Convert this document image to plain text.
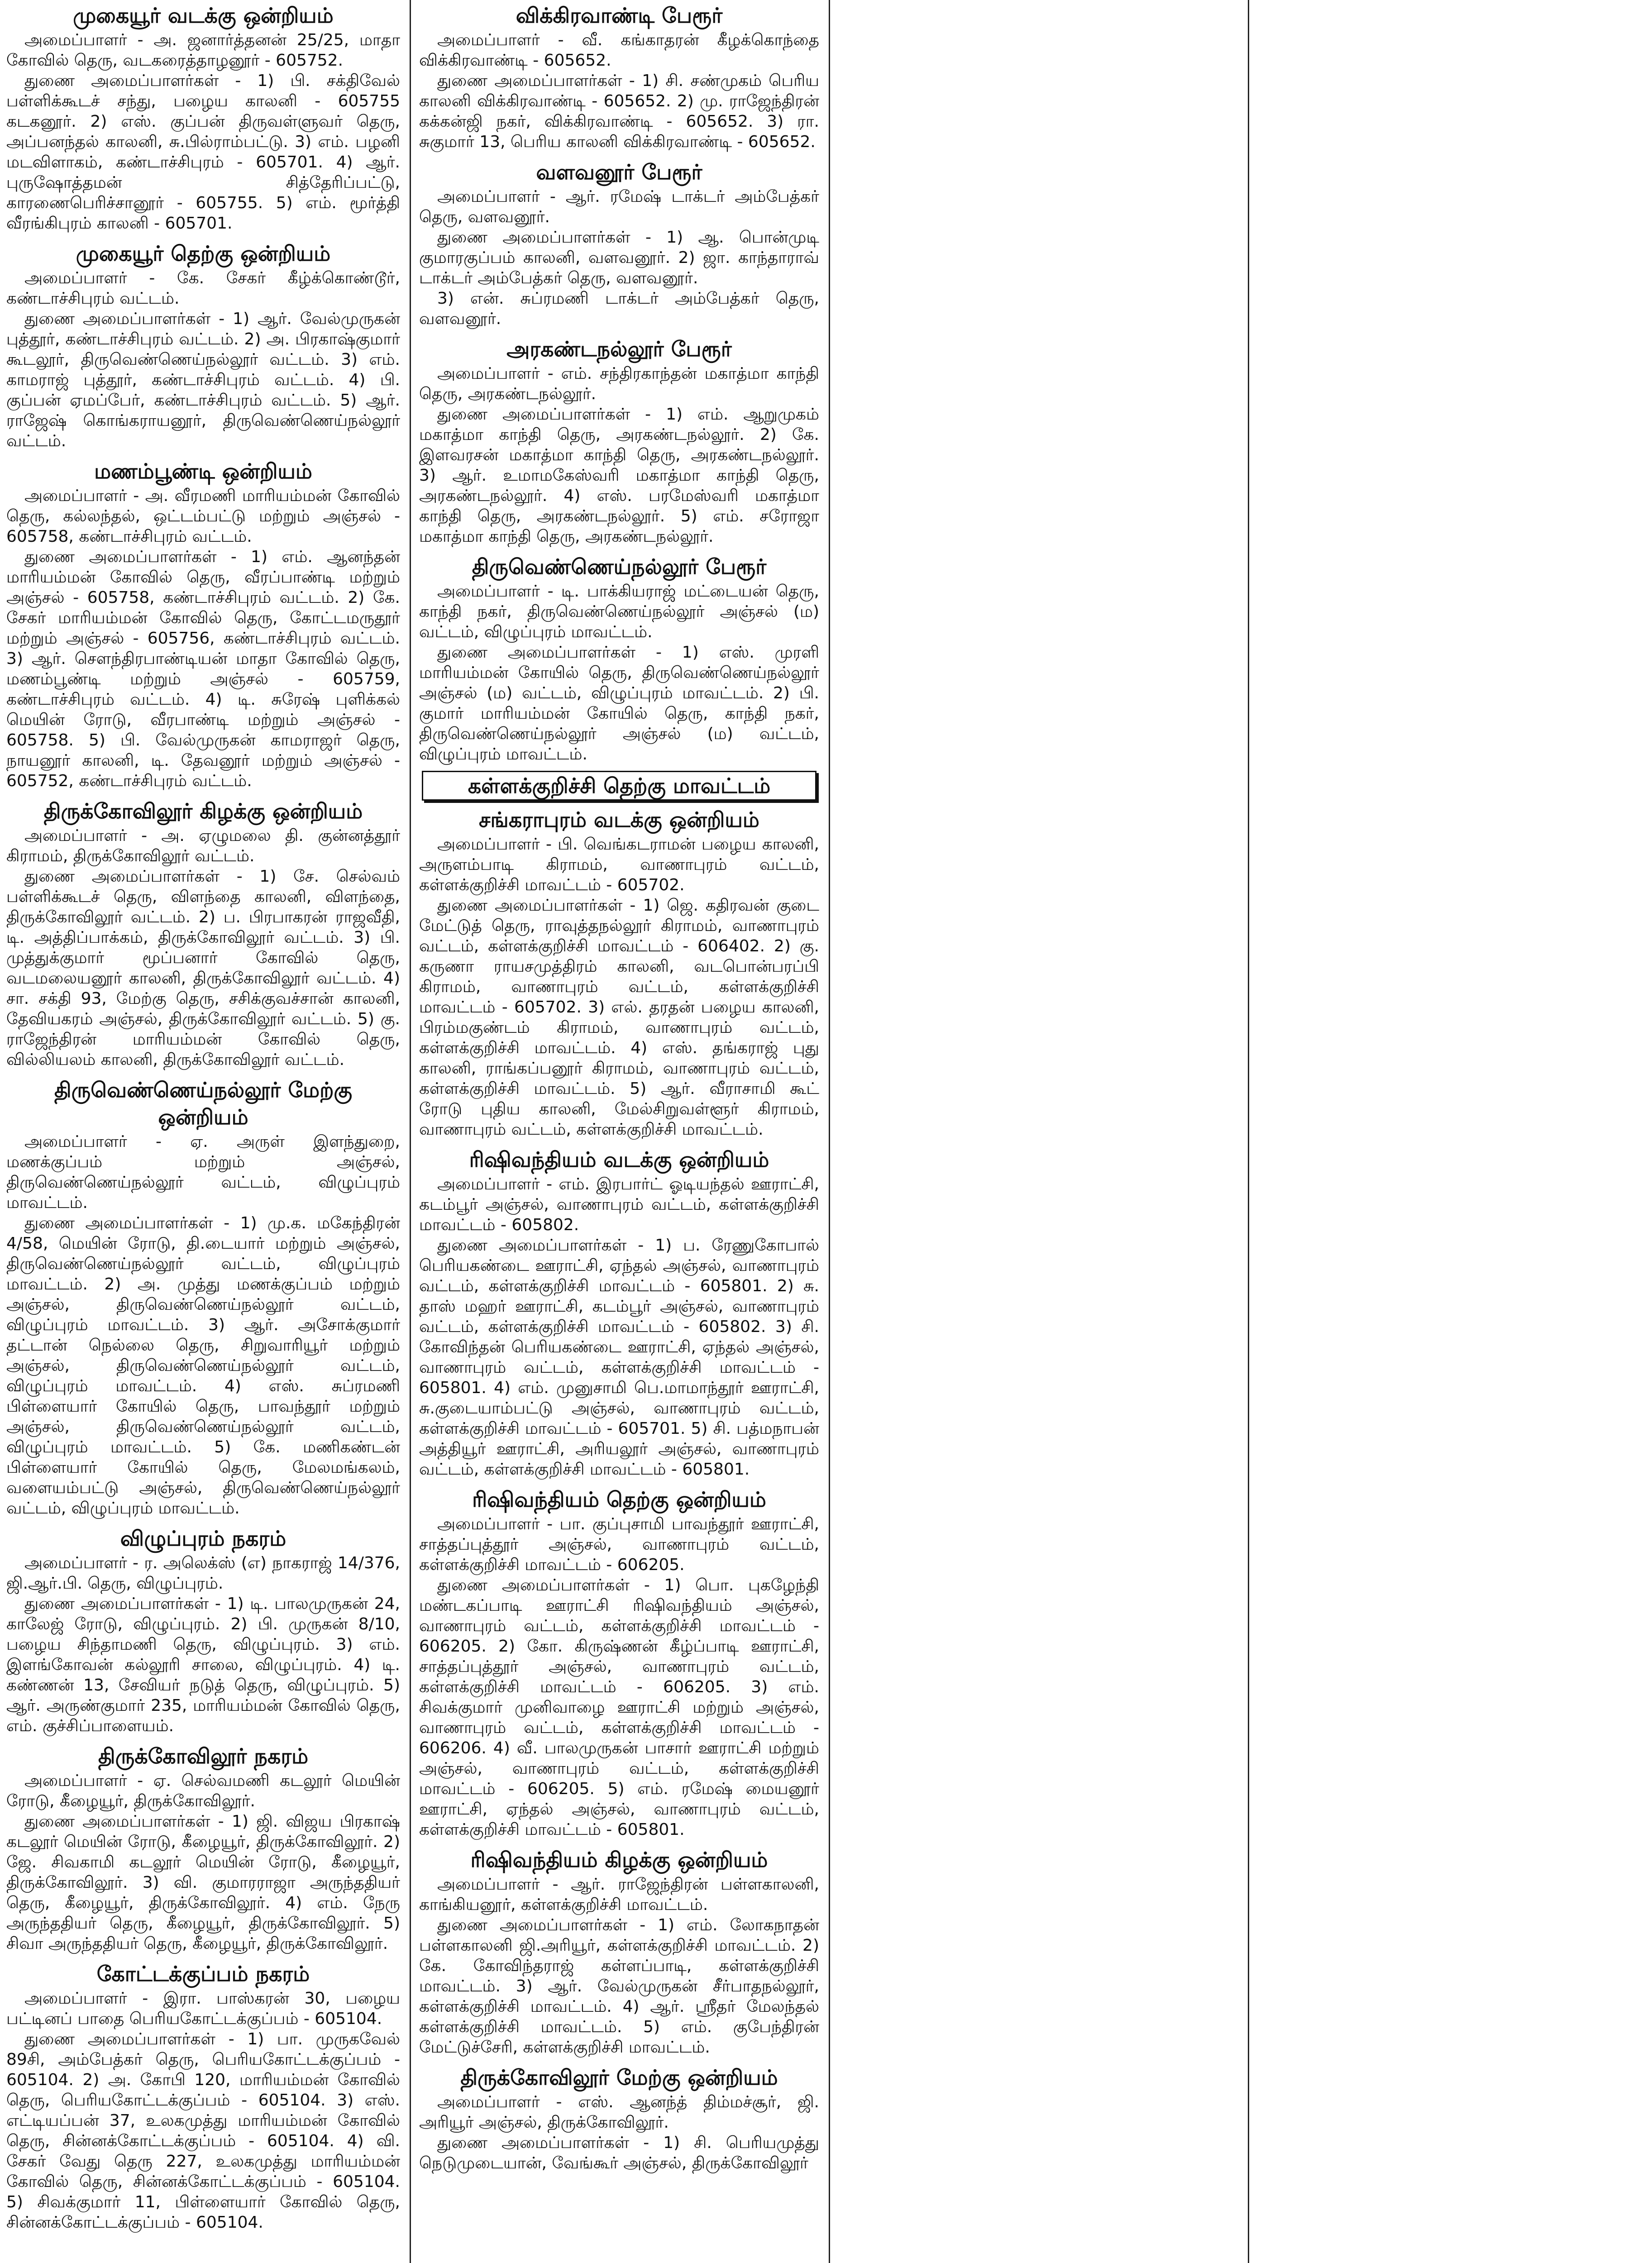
முகையூர் வடக்கு ஒன்றியம்

அமைப்பாளர் - அ. ஜனார்த்தனன் 25/25, மாதா கோவில் தெரு, வடகரைத்தாழனூர் - 605752.

துணை அமைப்பாளர்கள் - 1) பி. சக்திவேல் பள்ளிக்கூடச் சந்து, பழைய காலனி - 605755 கடகனூர். 2) எஸ். குப்பன் திருவள்ளுவர் தெரு, அப்பனந்தல் காலனி, சு.பில்ராம்பட்டு. 3) எம். பழனி மடவிளாகம், கண்டாச்சிபுரம் - 605701. 4) ஆர். புருஷோத்தமன் சித்தேரிப்பட்டு, காரணைபெரிச்சானூர் - 605755. 5) எம். மூர்த்தி வீரங்கிபுரம் காலனி - 605701.

முகையூர் தெற்கு ஒன்றியம்

அமைப்பாளர் - கே. சேகர் கீழ்க்கொண்டூர், கண்டாச்சிபுரம் வட்டம்.

துணை அமைப்பாளர்கள் - 1) ஆர். வேல்முருகன் புத்தூர், கண்டாச்சிபுரம் வட்டம். 2) அ. பிரகாஷ்குமார் கூடலூர், திருவெண்ணெய்நல்லூர் வட்டம். 3) எம். காமராஜ் புத்தூர், கண்டாச்சிபுரம் வட்டம். 4) பி. குப்பன் ஏமப்பேர், கண்டாச்சிபுரம் வட்டம். 5) ஆர். ராஜேஷ் கொங்கராயனூர், திருவெண்ணெய்நல்லூர் வட்டம்.

மணம்பூண்டி ஒன்றியம்

அமைப்பாளர் - அ. வீரமணி மாரியம்மன் கோவில் தெரு, கல்லந்தல், ஒட்டம்பட்டு மற்றும் அஞ்சல் - 605758, கண்டாச்சிபுரம் வட்டம்.

துணை அமைப்பாளர்கள் - 1) எம். ஆனந்தன் மாரியம்மன் கோவில் தெரு, வீரப்பாண்டி மற்றும் அஞ்சல் - 605758, கண்டாச்சிபுரம் வட்டம். 2) கே. சேகர் மாரியம்மன் கோவில் தெரு, கோட்டமருதூர் மற்றும் அஞ்சல் - 605756, கண்டாச்சிபுரம் வட்டம். 3) ஆர். சௌந்திரபாண்டியன் மாதா கோவில் தெரு, மணம்பூண்டி மற்றும் அஞ்சல் - 605759, கண்டாச்சிபுரம் வட்டம். 4) டி. சுரேஷ் புளிக்கல் மெயின் ரோடு, வீரபாண்டி மற்றும் அஞ்சல் - 605758. 5) பி. வேல்முருகன் காமராஜர் தெரு, நாயனூர் காலனி, டி. தேவனூர் மற்றும் அஞ்சல் - 605752, கண்டாச்சிபுரம் வட்டம்.

திருக்கோவிலூர் கிழக்கு ஒன்றியம்

அமைப்பாளர் - அ. ஏழுமலை தி. குன்னத்தூர் கிராமம், திருக்கோவிலூர் வட்டம்.

துணை அமைப்பாளர்கள் - 1) சே. செல்வம் பள்ளிக்கூடச் தெரு, விளந்தை காலனி, விளந்தை, திருக்கோவிலூர் வட்டம். 2) ப. பிரபாகரன் ராஜவீதி, டி. அத்திப்பாக்கம், திருக்கோவிலூர் வட்டம். 3) பி. முத்துக்குமார் மூப்பனார் கோவில் தெரு, வடமலையனூர் காலனி, திருக்கோவிலூர் வட்டம். 4) சா. சக்தி 93, மேற்கு தெரு, சசிக்குவச்சான் காலனி, தேவியகரம் அஞ்சல், திருக்கோவிலூர் வட்டம். 5) கு. ராஜேந்திரன் மாரியம்மன் கோவில் தெரு, வில்லியலம் காலனி, திருக்கோவிலூர் வட்டம்.

திருவெண்ணெய்நல்லூர் மேற்கு ஒன்றியம்

அமைப்பாளர் - ஏ. அருள் இளந்துறை, மணக்குப்பம் மற்றும் அஞ்சல், திருவெண்ணெய்நல்லூர் வட்டம், விழுப்புரம் மாவட்டம்.

துணை அமைப்பாளர்கள் - 1) மு.க. மகேந்திரன் 4/58, மெயின் ரோடு, தி.டையார் மற்றும் அஞ்சல், திருவெண்ணெய்நல்லூர் வட்டம், விழுப்புரம் மாவட்டம். 2) அ. முத்து மணக்குப்பம் மற்றும் அஞ்சல், திருவெண்ணெய்நல்லூர் வட்டம், விழுப்புரம் மாவட்டம். 3) ஆர். அசோக்குமார் தட்டான் நெல்லை தெரு, சிறுவாரியூர் மற்றும் அஞ்சல், திருவெண்ணெய்நல்லூர் வட்டம், விழுப்புரம் மாவட்டம். 4) எஸ். சுப்ரமணி பிள்ளையார் கோயில் தெரு, பாவந்தூர் மற்றும் அஞ்சல், திருவெண்ணெய்நல்லூர் வட்டம், விழுப்புரம் மாவட்டம். 5) கே. மணிகண்டன் பிள்ளையார் கோயில் தெரு, மேலமங்கலம், வளையம்பட்டு அஞ்சல், திருவெண்ணெய்நல்லூர் வட்டம், விழுப்புரம் மாவட்டம்.

விழுப்புரம் நகரம்

அமைப்பாளர் - ர. அலெக்ஸ் (எ) நாகராஜ் 14/376, ஜி.ஆர்.பி. தெரு, விழுப்புரம்.

துணை அமைப்பாளர்கள் - 1) டி. பாலமுருகன் 24, காலேஜ் ரோடு, விழுப்புரம். 2) பி. முருகன் 8/10, பழைய சிந்தாமணி தெரு, விழுப்புரம். 3) எம். இளங்கோவன் கல்லூரி சாலை, விழுப்புரம். 4) டி. கண்ணன் 13, சேவியர் நடுத் தெரு, விழுப்புரம். 5) ஆர். அருண்குமார் 235, மாரியம்மன் கோவில் தெரு, எம். குச்சிப்பாளையம்.

திருக்கோவிலூர் நகரம்

அமைப்பாளர் - ஏ. செல்வமணி கடலூர் மெயின் ரோடு, கீழையூர், திருக்கோவிலூர்.

துணை அமைப்பாளர்கள் - 1) ஜி. விஜய பிரகாஷ் கடலூர் மெயின் ரோடு, கீழையூர், திருக்கோவிலூர். 2) ஜே. சிவகாமி கடலூர் மெயின் ரோடு, கீழையூர், திருக்கோவிலூர். 3) வி. குமாரராஜா அருந்ததியர் தெரு, கீழையூர், திருக்கோவிலூர். 4) எம். நேரு அருந்ததியர் தெரு, கீழையூர், திருக்கோவிலூர். 5) சிவா அருந்ததியர் தெரு, கீழையூர், திருக்கோவிலூர்.

கோட்டக்குப்பம் நகரம்

அமைப்பாளர் - இரா. பாஸ்கரன் 30, பழைய பட்டினப் பாதை பெரியகோட்டக்குப்பம் - 605104.

துணை அமைப்பாளர்கள் - 1) பா. முருகவேல் 89சி, அம்பேத்கர் தெரு, பெரியகோட்டக்குப்பம் - 605104. 2) அ. கோபி 120, மாரியம்மன் கோவில் தெரு, பெரியகோட்டக்குப்பம் - 605104. 3) எஸ். எட்டியப்பன் 37, உலகமுத்து மாரியம்மன் கோவில் தெரு, சின்னக்கோட்டக்குப்பம் - 605104. 4) வி. சேகர் வேது தெரு 227, உலகமுத்து மாரியம்மன் கோவில் தெரு, சின்னக்கோட்டக்குப்பம் - 605104. 5) சிவக்குமார் 11, பிள்ளையார் கோவில் தெரு, சின்னக்கோட்டக்குப்பம் - 605104.

விக்கிரவாண்டி பேரூர்

அமைப்பாளர் - வீ. கங்காதரன் கீழக்கொந்தை விக்கிரவாண்டி - 605652.

துணை அமைப்பாளர்கள் - 1) சி. சண்முகம் பெரிய காலனி விக்கிரவாண்டி - 605652. 2) மு. ராஜேந்திரன் கக்கன்ஜி நகர், விக்கிரவாண்டி - 605652. 3) ரா. சுகுமார் 13, பெரிய காலனி விக்கிரவாண்டி - 605652.

வளவனூர் பேரூர்

அமைப்பாளர் - ஆர். ரமேஷ் டாக்டர் அம்பேத்கர் தெரு, வளவனூர்.

துணை அமைப்பாளர்கள் - 1) ஆ. பொன்முடி குமாரகுப்பம் காலனி, வளவனூர். 2) ஜா. காந்தாராவ் டாக்டர் அம்பேத்கர் தெரு, வளவனூர்.

3) என். சுப்ரமணி டாக்டர் அம்பேத்கர் தெரு, வளவனூர்.

அரகண்டநல்லூர் பேரூர்

அமைப்பாளர் - எம். சந்திரகாந்தன் மகாத்மா காந்தி தெரு, அரகண்டநல்லூர்.

துணை அமைப்பாளர்கள் - 1) எம். ஆறுமுகம் மகாத்மா காந்தி தெரு, அரகண்டநல்லூர். 2) கே. இளவரசன் மகாத்மா காந்தி தெரு, அரகண்டநல்லூர். 3) ஆர். உமாமகேஸ்வரி மகாத்மா காந்தி தெரு, அரகண்டநல்லூர். 4) எஸ். பரமேஸ்வரி மகாத்மா காந்தி தெரு, அரகண்டநல்லூர். 5) எம். சரோஜா மகாத்மா காந்தி தெரு, அரகண்டநல்லூர்.

திருவெண்ணெய்நல்லூர் பேரூர்

அமைப்பாளர் - டி. பாக்கியராஜ் மட்டையன் தெரு, காந்தி நகர், திருவெண்ணெய்நல்லூர் அஞ்சல் (ம) வட்டம், விழுப்புரம் மாவட்டம்.

துணை அமைப்பாளர்கள் - 1) எஸ். முரளி மாரியம்மன் கோயில் தெரு, திருவெண்ணெய்நல்லூர் அஞ்சல் (ம) வட்டம், விழுப்புரம் மாவட்டம். 2) பி. குமார் மாரியம்மன் கோயில் தெரு, காந்தி நகர், திருவெண்ணெய்நல்லூர் அஞ்சல் (ம) வட்டம், விழுப்புரம் மாவட்டம்.

கள்ளக்குறிச்சி தெற்கு மாவட்டம்
சங்கராபுரம் வடக்கு ஒன்றியம்

அமைப்பாளர் - பி. வெங்கடராமன் பழைய காலனி, அருளம்பாடி கிராமம், வாணாபுரம் வட்டம், கள்ளக்குறிச்சி மாவட்டம் - 605702.

துணை அமைப்பாளர்கள் - 1) ஜெ. கதிரவன் குடை மேட்டுத் தெரு, ராவுத்தநல்லூர் கிராமம், வாணாபுரம் வட்டம், கள்ளக்குறிச்சி மாவட்டம் - 606402. 2) கு. கருணா ராயசமுத்திரம் காலனி, வடபொன்பரப்பி கிராமம், வாணாபுரம் வட்டம், கள்ளக்குறிச்சி மாவட்டம் - 605702. 3) எல். தரதன் பழைய காலனி, பிரம்மகுண்டம் கிராமம், வாணாபுரம் வட்டம், கள்ளக்குறிச்சி மாவட்டம். 4) எஸ். தங்கராஜ் புது காலனி, ராங்கப்பனூர் கிராமம், வாணாபுரம் வட்டம், கள்ளக்குறிச்சி மாவட்டம். 5) ஆர். வீராசாமி கூட் ரோடு புதிய காலனி, மேல்சிறுவள்ளூர் கிராமம், வாணாபுரம் வட்டம், கள்ளக்குறிச்சி மாவட்டம்.

ரிஷிவந்தியம் வடக்கு ஒன்றியம்

அமைப்பாளர் - எம். இரபார்ட் ஓடியந்தல் ஊராட்சி, கடம்பூர் அஞ்சல், வாணாபுரம் வட்டம், கள்ளக்குறிச்சி மாவட்டம் - 605802.

துணை அமைப்பாளர்கள் - 1) ப. ரேணுகோபால் பெரியகண்டை ஊராட்சி, ஏந்தல் அஞ்சல், வாணாபுரம் வட்டம், கள்ளக்குறிச்சி மாவட்டம் - 605801. 2) சு. தாஸ் மஹர் ஊராட்சி, கடம்பூர் அஞ்சல், வாணாபுரம் வட்டம், கள்ளக்குறிச்சி மாவட்டம் - 605802. 3) சி. கோவிந்தன் பெரியகண்டை ஊராட்சி, ஏந்தல் அஞ்சல், வாணாபுரம் வட்டம், கள்ளக்குறிச்சி மாவட்டம் - 605801. 4) எம். முனுசாமி பெ.மாமாந்தூர் ஊராட்சி, சு.குடையாம்பட்டு அஞ்சல், வாணாபுரம் வட்டம், கள்ளக்குறிச்சி மாவட்டம் - 605701. 5) சி. பத்மநாபன் அத்தியூர் ஊராட்சி, அரியலூர் அஞ்சல், வாணாபுரம் வட்டம், கள்ளக்குறிச்சி மாவட்டம் - 605801.

ரிஷிவந்தியம் தெற்கு ஒன்றியம்

அமைப்பாளர் - பா. குப்புசாமி பாவந்தூர் ஊராட்சி, சாத்தப்புத்தூர் அஞ்சல், வாணாபுரம் வட்டம், கள்ளக்குறிச்சி மாவட்டம் - 606205.

துணை அமைப்பாளர்கள் - 1) பொ. புகழேந்தி மண்டகப்பாடி ஊராட்சி ரிஷிவந்தியம் அஞ்சல், வாணாபுரம் வட்டம், கள்ளக்குறிச்சி மாவட்டம் - 606205. 2) கோ. கிருஷ்ணன் கீழ்ப்பாடி ஊராட்சி, சாத்தப்புத்தூர் அஞ்சல், வாணாபுரம் வட்டம், கள்ளக்குறிச்சி மாவட்டம் - 606205. 3) எம். சிவக்குமார் முனிவாழை ஊராட்சி மற்றும் அஞ்சல், வாணாபுரம் வட்டம், கள்ளக்குறிச்சி மாவட்டம் - 606206. 4) வீ. பாலமுருகன் பாசார் ஊராட்சி மற்றும் அஞ்சல், வாணாபுரம் வட்டம், கள்ளக்குறிச்சி மாவட்டம் - 606205. 5) எம். ரமேஷ் மையனூர் ஊராட்சி, ஏந்தல் அஞ்சல், வாணாபுரம் வட்டம், கள்ளக்குறிச்சி மாவட்டம் - 605801.

ரிஷிவந்தியம் கிழக்கு ஒன்றியம்

அமைப்பாளர் - ஆர். ராஜேந்திரன் பள்ளகாலனி, காங்கியனூர், கள்ளக்குறிச்சி மாவட்டம்.

துணை அமைப்பாளர்கள் - 1) எம். லோகநாதன் பள்ளகாலனி ஜி.அரியூர், கள்ளக்குறிச்சி மாவட்டம். 2) கே. கோவிந்தராஜ் கள்ளப்பாடி, கள்ளக்குறிச்சி மாவட்டம். 3) ஆர். வேல்முருகன் சீர்பாதநல்லூர், கள்ளக்குறிச்சி மாவட்டம். 4) ஆர். ஸ்ரீதர் மேலந்தல் கள்ளக்குறிச்சி மாவட்டம். 5) எம். குபேந்திரன் மேட்டுச்சேரி, கள்ளக்குறிச்சி மாவட்டம்.

திருக்கோவிலூர் மேற்கு ஒன்றியம்

அமைப்பாளர் - எஸ். ஆனந்த் திம்மச்சூர், ஜி. அரியூர் அஞ்சல், திருக்கோவிலூர்.

துணை அமைப்பாளர்கள் - 1) சி. பெரியமுத்து நெடுமுடையான், வேங்கூர் அஞ்சல், திருக்கோவிலூர்
